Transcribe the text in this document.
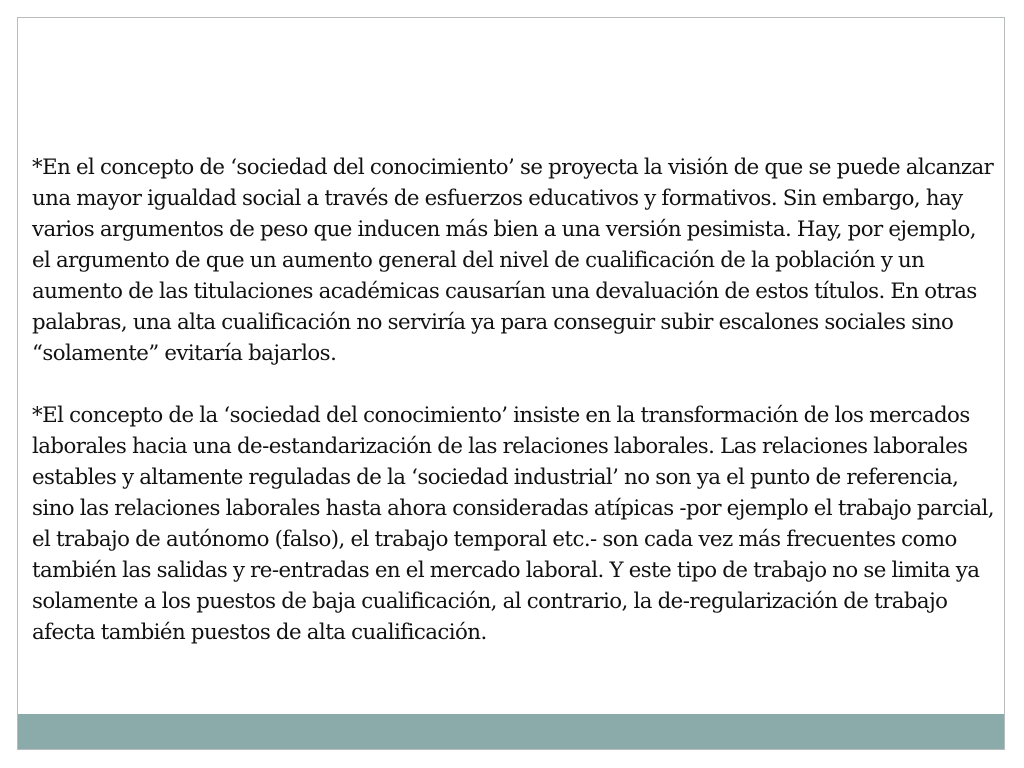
*En el concepto de ‘sociedad del conocimiento’ se proyecta la visión de que se puede alcanzar una mayor igualdad social a través de esfuerzos educativos y formativos. Sin embargo, hay varios argumentos de peso que inducen más bien a una versión pesimista. Hay, por ejemplo, el argumento de que un aumento general del nivel de cualificación de la población y un aumento de las titulaciones académicas causarían una devaluación de estos títulos. En otras palabras, una alta cualificación no serviría ya para conseguir subir escalones sociales sino “solamente” evitaría bajarlos.

*El concepto de la ‘sociedad del conocimiento’ insiste en la transformación de los mercados laborales hacia una de-estandarización de las relaciones laborales. Las relaciones laborales estables y altamente reguladas de la ‘sociedad industrial’ no son ya el punto de referencia, sino las relaciones laborales hasta ahora consideradas atípicas -por ejemplo el trabajo parcial, el trabajo de autónomo (falso), el trabajo temporal etc.- son cada vez más frecuentes como también las salidas y re-entradas en el mercado laboral. Y este tipo de trabajo no se limita ya solamente a los puestos de baja cualificación, al contrario, la de-regularización de trabajo afecta también puestos de alta cualificación.
